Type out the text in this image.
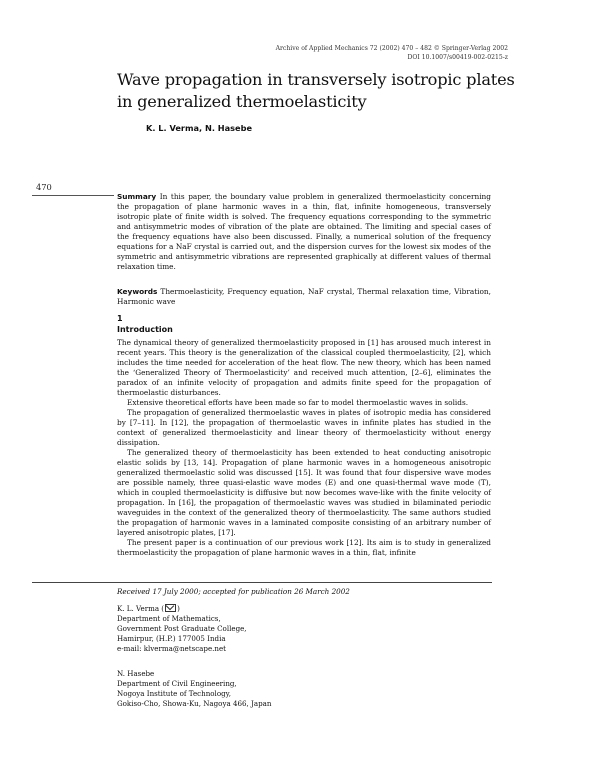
Archive of Applied Mechanics 72 (2002) 470 – 482 © Springer-Verlag 2002
DOI 10.1007/s00419-002-0215-z
Wave propagation in transversely isotropic plates
in generalized thermoelasticity
K. L. Verma, N. Hasebe
470

Summary In this paper, the boundary value problem in generalized thermoelasticity concerning the propagation of plane harmonic waves in a thin, flat, infinite homogeneous, transversely isotropic plate of finite width is solved. The frequency equations corresponding to the symmetric and antisymmetric modes of vibration of the plate are obtained. The limiting and special cases of the frequency equations have also been discussed. Finally, a numerical solution of the frequency equations for a NaF crystal is carried out, and the dispersion curves for the lowest six modes of the symmetric and antisymmetric vibrations are represented graphically at different values of thermal relaxation time.

Keywords Thermoelasticity, Frequency equation, NaF crystal, Thermal relaxation time, Vibration, Harmonic wave

1
Introduction

The dynamical theory of generalized thermoelasticity proposed in [1] has aroused much interest in recent years. This theory is the generalization of the classical coupled thermoelasticity, [2], which includes the time needed for acceleration of the heat flow. The new theory, which has been named the ‘Generalized Theory of Thermoelasticity’ and received much attention, [2–6], eliminates the paradox of an infinite velocity of propagation and admits finite speed for the propagation of thermoelastic disturbances.

Extensive theoretical efforts have been made so far to model thermoelastic waves in solids.

The propagation of generalized thermoelastic waves in plates of isotropic media has considered by [7–11]. In [12], the propagation of thermoelastic waves in infinite plates has studied in the context of generalized thermoelasticity and linear theory of thermoelasticity without energy dissipation.

The generalized theory of thermoelasticity has been extended to heat conducting anisotropic elastic solids by [13, 14]. Propagation of plane harmonic waves in a homogeneous anisotropic generalized thermoelastic solid was discussed [15]. It was found that four dispersive wave modes are possible namely, three quasi-elastic wave modes (E) and one quasi-thermal wave mode (T), which in coupled thermoelasticity is diffusive but now becomes wave-like with the finite velocity of propagation. In [16], the propagation of thermoelastic waves was studied in bilaminated periodic waveguides in the context of the generalized theory of thermoelasticity. The same authors studied the propagation of harmonic waves in a laminated composite consisting of an arbitrary number of layered anisotropic plates, [17].

The present paper is a continuation of our previous work [12]. Its aim is to study in generalized thermoelasticity the propagation of plane harmonic waves in a thin, flat, infinite

Received 17 July 2000; accepted for publication 26 March 2002
K. L. Verma ( )
Department of Mathematics,
Government Post Graduate College,
Hamirpur, (H.P.) 177005 India
e-mail: klverma@netscape.net
N. Hasebe
Department of Civil Engineering,
Nogoya Institute of Technology,
Gokiso-Cho, Showa-Ku, Nagoya 466, Japan
